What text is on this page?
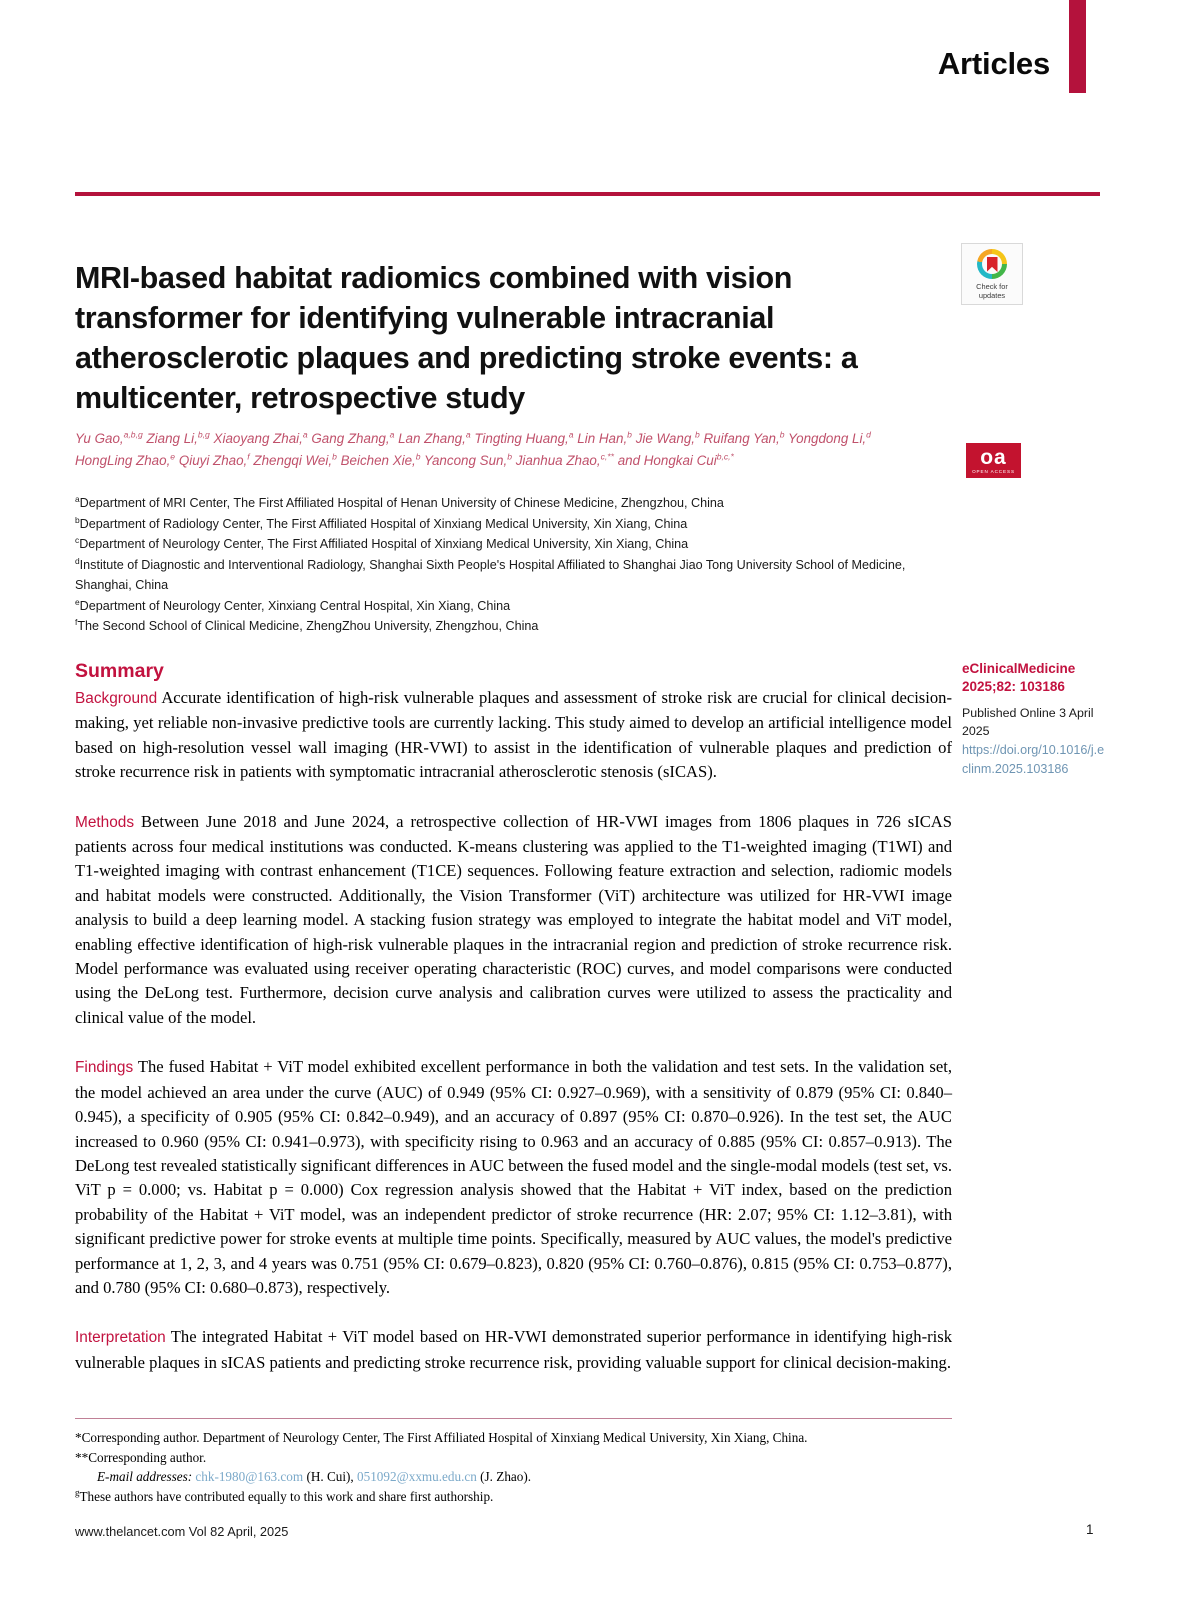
Articles
MRI-based habitat radiomics combined with vision transformer for identifying vulnerable intracranial atherosclerotic plaques and predicting stroke events: a multicenter, retrospective study
Check for
updates
oa
OPEN ACCESS
Yu Gao,$^{a,b,g}$ Ziang Li,$^{b,g}$ Xiaoyang Zhai,$^a$ Gang Zhang,$^a$ Lan Zhang,$^a$ Tingting Huang,$^a$ Lin Han,$^b$ Jie Wang,$^b$ Ruifang Yan,$^b$ Yongdong Li,$^d$ HongLing Zhao,$^e$ Qiuyi Zhao,$^f$ Zhengqi Wei,$^b$ Beichen Xie,$^b$ Yancong Sun,$^b$ Jianhua Zhao,$^{c,**}$ and Hongkai Cui$^{b,c,*}$
$^a$Department of MRI Center, The First Affiliated Hospital of Henan University of Chinese Medicine, Zhengzhou, China
$^b$Department of Radiology Center, The First Affiliated Hospital of Xinxiang Medical University, Xin Xiang, China
$^c$Department of Neurology Center, The First Affiliated Hospital of Xinxiang Medical University, Xin Xiang, China
$^d$Institute of Diagnostic and Interventional Radiology, Shanghai Sixth People's Hospital Affiliated to Shanghai Jiao Tong University School of Medicine, Shanghai, China
$^e$Department of Neurology Center, Xinxiang Central Hospital, Xin Xiang, China
$^f$The Second School of Clinical Medicine, ZhengZhou University, Zhengzhou, China
Summary

Background Accurate identification of high-risk vulnerable plaques and assessment of stroke risk are crucial for clinical decision-making, yet reliable non-invasive predictive tools are currently lacking. This study aimed to develop an artificial intelligence model based on high-resolution vessel wall imaging (HR-VWI) to assist in the identification of vulnerable plaques and prediction of stroke recurrence risk in patients with symptomatic intracranial atherosclerotic stenosis (sICAS).

Methods Between June 2018 and June 2024, a retrospective collection of HR-VWI images from 1806 plaques in 726 sICAS patients across four medical institutions was conducted. K-means clustering was applied to the T1-weighted imaging (T1WI) and T1-weighted imaging with contrast enhancement (T1CE) sequences. Following feature extraction and selection, radiomic models and habitat models were constructed. Additionally, the Vision Transformer (ViT) architecture was utilized for HR-VWI image analysis to build a deep learning model. A stacking fusion strategy was employed to integrate the habitat model and ViT model, enabling effective identification of high-risk vulnerable plaques in the intracranial region and prediction of stroke recurrence risk. Model performance was evaluated using receiver operating characteristic (ROC) curves, and model comparisons were conducted using the DeLong test. Furthermore, decision curve analysis and calibration curves were utilized to assess the practicality and clinical value of the model.

Findings The fused Habitat + ViT model exhibited excellent performance in both the validation and test sets. In the validation set, the model achieved an area under the curve (AUC) of 0.949 (95% CI: 0.927–0.969), with a sensitivity of 0.879 (95% CI: 0.840–0.945), a specificity of 0.905 (95% CI: 0.842–0.949), and an accuracy of 0.897 (95% CI: 0.870–0.926). In the test set, the AUC increased to 0.960 (95% CI: 0.941–0.973), with specificity rising to 0.963 and an accuracy of 0.885 (95% CI: 0.857–0.913). The DeLong test revealed statistically significant differences in AUC between the fused model and the single-modal models (test set, vs. ViT p = 0.000; vs. Habitat p = 0.000) Cox regression analysis showed that the Habitat + ViT index, based on the prediction probability of the Habitat + ViT model, was an independent predictor of stroke recurrence (HR: 2.07; 95% CI: 1.12–3.81), with significant predictive power for stroke events at multiple time points. Specifically, measured by AUC values, the model's predictive performance at 1, 2, 3, and 4 years was 0.751 (95% CI: 0.679–0.823), 0.820 (95% CI: 0.760–0.876), 0.815 (95% CI: 0.753–0.877), and 0.780 (95% CI: 0.680–0.873), respectively.

Interpretation The integrated Habitat + ViT model based on HR-VWI demonstrated superior performance in identifying high-risk vulnerable plaques in sICAS patients and predicting stroke recurrence risk, providing valuable support for clinical decision-making.

eClinicalMedicine
2025;82: 103186
Published Online 3 April 2025
https://doi.org/10.1016/j.eclinm.2025.103186
*Corresponding author. Department of Neurology Center, The First Affiliated Hospital of Xinxiang Medical University, Xin Xiang, China.
**Corresponding author.
E-mail addresses: chk-1980@163.com (H. Cui), 051092@xxmu.edu.cn (J. Zhao).
$^g$These authors have contributed equally to this work and share first authorship.
www.thelancet.com Vol 82 April, 2025	1
